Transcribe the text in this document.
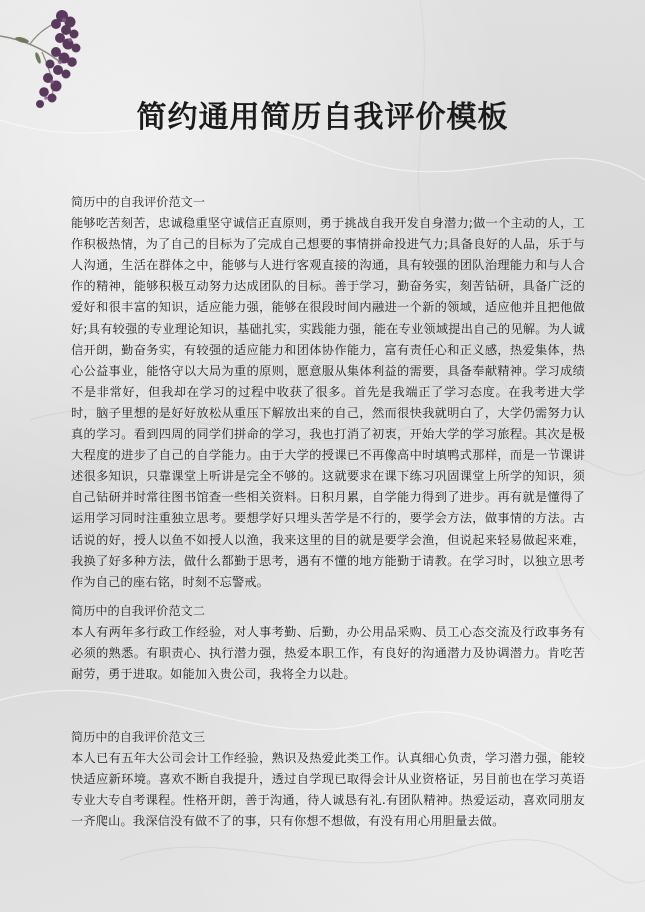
简约通用简历自我评价模板
简历中的自我评价范文一
能够吃苦刻苦，忠诚稳重坚守诚信正直原则，勇于挑战自我开发自身潜力;做一个主动的人，工作积极热情，为了自己的目标为了完成自己想要的事情拼命投进气力;具备良好的人品，乐于与人沟通，生活在群体之中，能够与人进行客观直接的沟通，具有较强的团队治理能力和与人合作的精神，能够积极互动努力达成团队的目标。善于学习，勤奋务实，刻苦钻研，具备广泛的爱好和很丰富的知识，适应能力强，能够在很段时间内融进一个新的领域，适应他并且把他做好;具有较强的专业理论知识，基础扎实，实践能力强，能在专业领域提出自己的见解。为人诚信开朗，勤奋务实，有较强的适应能力和团体协作能力，富有责任心和正义感，热爱集体，热心公益事业，能恪守以大局为重的原则，愿意服从集体利益的需要，具备奉献精神。学习成绩不是非常好，但我却在学习的过程中收获了很多。首先是我端正了学习态度。在我考进大学时，脑子里想的是好好放松从重压下解放出来的自己，然而很快我就明白了，大学仍需努力认真的学习。看到四周的同学们拼命的学习，我也打消了初衷，开始大学的学习旅程。其次是极大程度的进步了自己的自学能力。由于大学的授课已不再像高中时填鸭式那样，而是一节课讲述很多知识，只靠课堂上听讲是完全不够的。这就要求在课下练习巩固课堂上所学的知识，须自己钻研并时常往图书馆查一些相关资料。日积月累，自学能力得到了进步。再有就是懂得了运用学习同时注重独立思考。要想学好只埋头苦学是不行的，要学会方法，做事情的方法。古话说的好，授人以鱼不如授人以渔，我来这里的目的就是要学会渔，但说起来轻易做起来难，我换了好多种方法，做什么都勤于思考，遇有不懂的地方能勤于请教。在学习时，以独立思考作为自己的座右铭，时刻不忘警戒。
简历中的自我评价范文二
本人有两年多行政工作经验，对人事考勤、后勤，办公用品采购、员工心态交流及行政事务有必须的熟悉。有职责心、执行潜力强，热爱本职工作，有良好的沟通潜力及协调潜力。肯吃苦耐劳，勇于进取。如能加入贵公司，我将全力以赴。
简历中的自我评价范文三
本人已有五年大公司会计工作经验，熟识及热爱此类工作。认真细心负责，学习潜力强，能较快适应新环境。喜欢不断自我提升，透过自学现已取得会计从业资格证，另目前也在学习英语专业大专自考课程。性格开朗，善于沟通，待人诚恳有礼.有团队精神。热爱运动，喜欢同朋友一齐爬山。我深信没有做不了的事，只有你想不想做，有没有用心用胆量去做。
